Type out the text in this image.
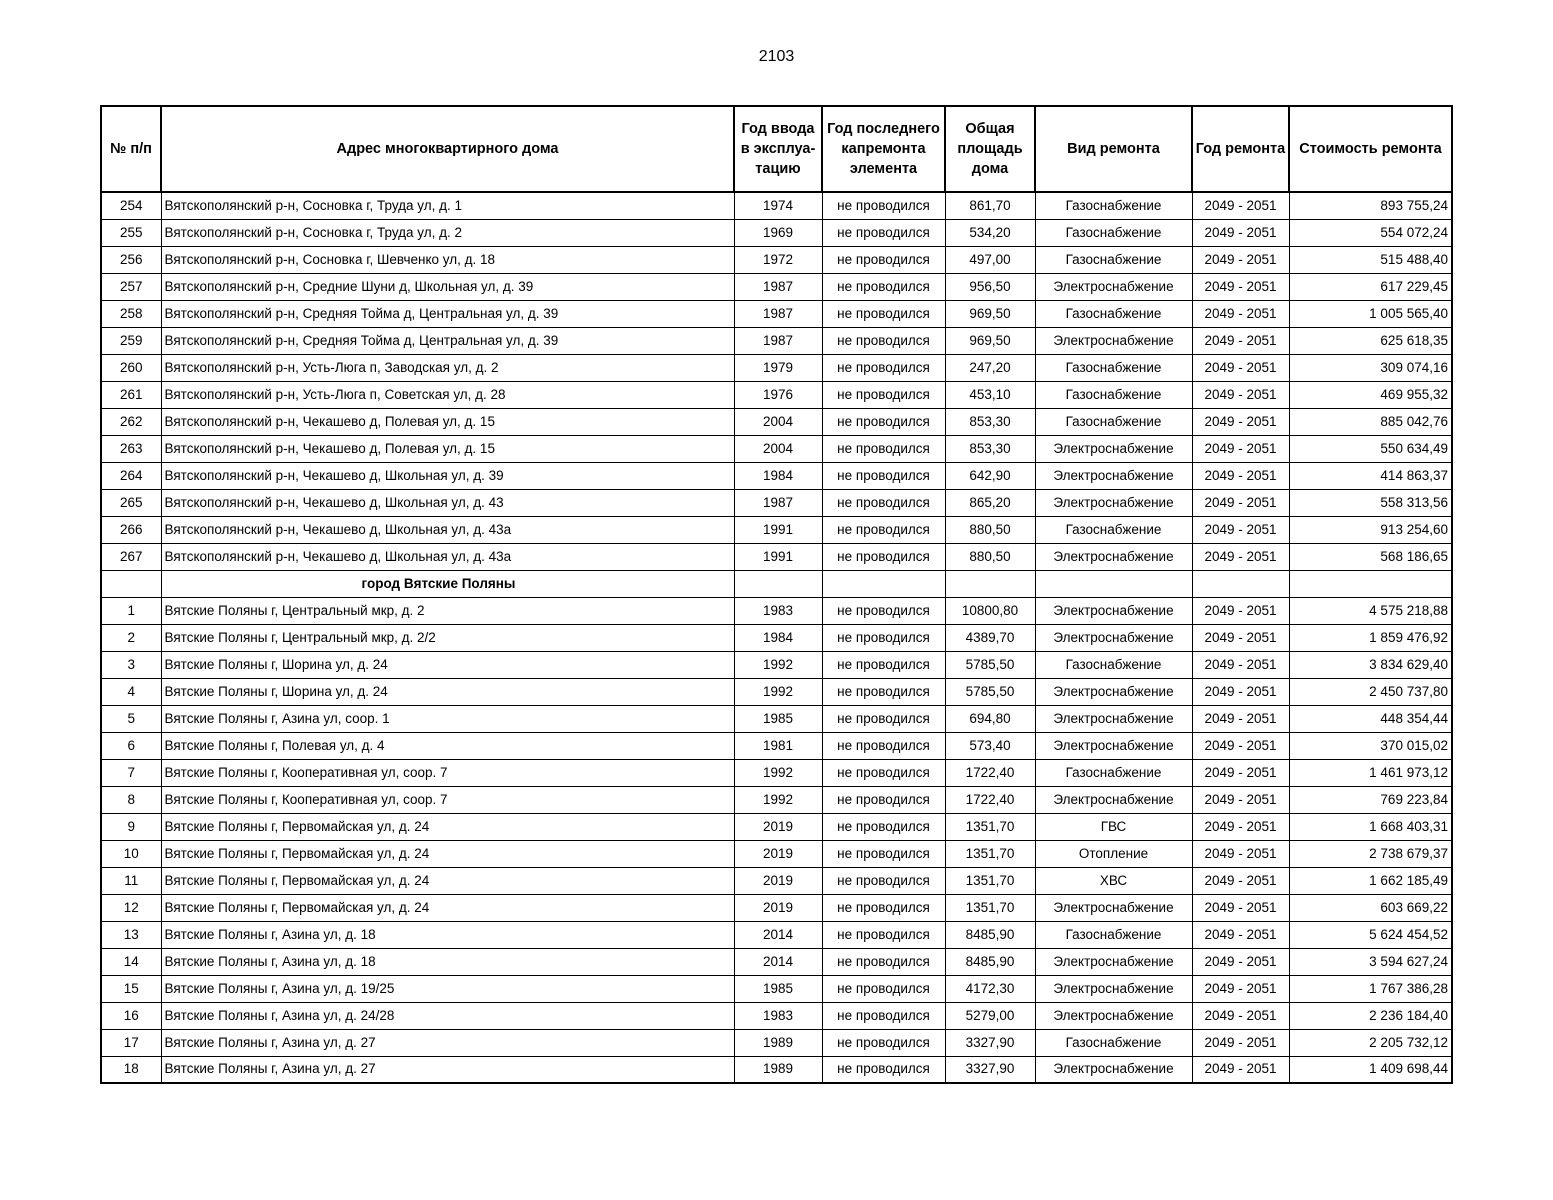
2103
№ п/п	Адрес многоквартирного дома	Год ввода в эксплуа-тацию	Год последнего капремонта элемента	Общая площадь дома	Вид ремонта	Год ремонта	Стоимость ремонта
254	Вятскополянский р-н, Сосновка г, Труда ул, д. 1	1974	не проводился	861,70	Газоснабжение	2049 - 2051	893 755,24
255	Вятскополянский р-н, Сосновка г, Труда ул, д. 2	1969	не проводился	534,20	Газоснабжение	2049 - 2051	554 072,24
256	Вятскополянский р-н, Сосновка г, Шевченко ул, д. 18	1972	не проводился	497,00	Газоснабжение	2049 - 2051	515 488,40
257	Вятскополянский р-н, Средние Шуни д, Школьная ул, д. 39	1987	не проводился	956,50	Электроснабжение	2049 - 2051	617 229,45
258	Вятскополянский р-н, Средняя Тойма д, Центральная ул, д. 39	1987	не проводился	969,50	Газоснабжение	2049 - 2051	1 005 565,40
259	Вятскополянский р-н, Средняя Тойма д, Центральная ул, д. 39	1987	не проводился	969,50	Электроснабжение	2049 - 2051	625 618,35
260	Вятскополянский р-н, Усть-Люга п, Заводская ул, д. 2	1979	не проводился	247,20	Газоснабжение	2049 - 2051	309 074,16
261	Вятскополянский р-н, Усть-Люга п, Советская ул, д. 28	1976	не проводился	453,10	Газоснабжение	2049 - 2051	469 955,32
262	Вятскополянский р-н, Чекашево д, Полевая ул, д. 15	2004	не проводился	853,30	Газоснабжение	2049 - 2051	885 042,76
263	Вятскополянский р-н, Чекашево д, Полевая ул, д. 15	2004	не проводился	853,30	Электроснабжение	2049 - 2051	550 634,49
264	Вятскополянский р-н, Чекашево д, Школьная ул, д. 39	1984	не проводился	642,90	Электроснабжение	2049 - 2051	414 863,37
265	Вятскополянский р-н, Чекашево д, Школьная ул, д. 43	1987	не проводился	865,20	Электроснабжение	2049 - 2051	558 313,56
266	Вятскополянский р-н, Чекашево д, Школьная ул, д. 43а	1991	не проводился	880,50	Газоснабжение	2049 - 2051	913 254,60
267	Вятскополянский р-н, Чекашево д, Школьная ул, д. 43а	1991	не проводился	880,50	Электроснабжение	2049 - 2051	568 186,65
	город Вятские Поляны						
1	Вятские Поляны г, Центральный мкр, д. 2	1983	не проводился	10800,80	Электроснабжение	2049 - 2051	4 575 218,88
2	Вятские Поляны г, Центральный мкр, д. 2/2	1984	не проводился	4389,70	Электроснабжение	2049 - 2051	1 859 476,92
3	Вятские Поляны г, Шорина ул, д. 24	1992	не проводился	5785,50	Газоснабжение	2049 - 2051	3 834 629,40
4	Вятские Поляны г, Шорина ул, д. 24	1992	не проводился	5785,50	Электроснабжение	2049 - 2051	2 450 737,80
5	Вятские Поляны г, Азина ул, соор. 1	1985	не проводился	694,80	Электроснабжение	2049 - 2051	448 354,44
6	Вятские Поляны г, Полевая ул, д. 4	1981	не проводился	573,40	Электроснабжение	2049 - 2051	370 015,02
7	Вятские Поляны г, Кооперативная ул, соор. 7	1992	не проводился	1722,40	Газоснабжение	2049 - 2051	1 461 973,12
8	Вятские Поляны г, Кооперативная ул, соор. 7	1992	не проводился	1722,40	Электроснабжение	2049 - 2051	769 223,84
9	Вятские Поляны г, Первомайская ул, д. 24	2019	не проводился	1351,70	ГВС	2049 - 2051	1 668 403,31
10	Вятские Поляны г, Первомайская ул, д. 24	2019	не проводился	1351,70	Отопление	2049 - 2051	2 738 679,37
11	Вятские Поляны г, Первомайская ул, д. 24	2019	не проводился	1351,70	ХВС	2049 - 2051	1 662 185,49
12	Вятские Поляны г, Первомайская ул, д. 24	2019	не проводился	1351,70	Электроснабжение	2049 - 2051	603 669,22
13	Вятские Поляны г, Азина ул, д. 18	2014	не проводился	8485,90	Газоснабжение	2049 - 2051	5 624 454,52
14	Вятские Поляны г, Азина ул, д. 18	2014	не проводился	8485,90	Электроснабжение	2049 - 2051	3 594 627,24
15	Вятские Поляны г, Азина ул, д. 19/25	1985	не проводился	4172,30	Электроснабжение	2049 - 2051	1 767 386,28
16	Вятские Поляны г, Азина ул, д. 24/28	1983	не проводился	5279,00	Электроснабжение	2049 - 2051	2 236 184,40
17	Вятские Поляны г, Азина ул, д. 27	1989	не проводился	3327,90	Газоснабжение	2049 - 2051	2 205 732,12
18	Вятские Поляны г, Азина ул, д. 27	1989	не проводился	3327,90	Электроснабжение	2049 - 2051	1 409 698,44
